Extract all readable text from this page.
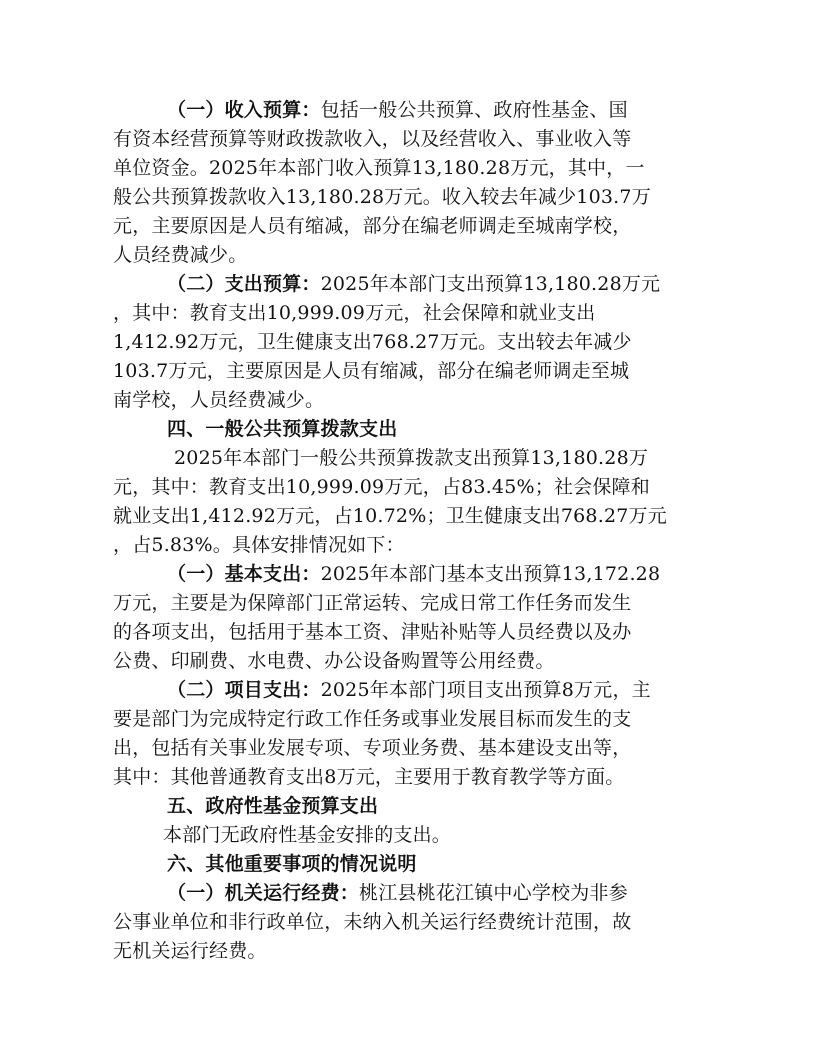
（一）收入预算：包括一般公共预算、政府性基金、国

有资本经营预算等财政拨款收入，以及经营收入、事业收入等

单位资金。2025年本部门收入预算13,180.28万元，其中，一

般公共预算拨款收入13,180.28万元。收入较去年减少103.7万

元，主要原因是人员有缩减，部分在编老师调走至城南学校，

人员经费减少。

（二）支出预算：2025年本部门支出预算13,180.28万元

，其中：教育支出10,999.09万元，社会保障和就业支出

1,412.92万元，卫生健康支出768.27万元。支出较去年减少

103.7万元，主要原因是人员有缩减，部分在编老师调走至城

南学校，人员经费减少。

四、一般公共预算拨款支出

2025年本部门一般公共预算拨款支出预算13,180.28万

元，其中：教育支出10,999.09万元，占83.45%；社会保障和

就业支出1,412.92万元，占10.72%；卫生健康支出768.27万元

，占5.83%。具体安排情况如下：

（一）基本支出：2025年本部门基本支出预算13,172.28

万元，主要是为保障部门正常运转、完成日常工作任务而发生

的各项支出，包括用于基本工资、津贴补贴等人员经费以及办

公费、印刷费、水电费、办公设备购置等公用经费。

（二）项目支出：2025年本部门项目支出预算8万元，主

要是部门为完成特定行政工作任务或事业发展目标而发生的支

出，包括有关事业发展专项、专项业务费、基本建设支出等，

其中：其他普通教育支出8万元，主要用于教育教学等方面。

五、政府性基金预算支出

本部门无政府性基金安排的支出。

六、其他重要事项的情况说明

（一）机关运行经费：桃江县桃花江镇中心学校为非参

公事业单位和非行政单位，未纳入机关运行经费统计范围，故

无机关运行经费。
